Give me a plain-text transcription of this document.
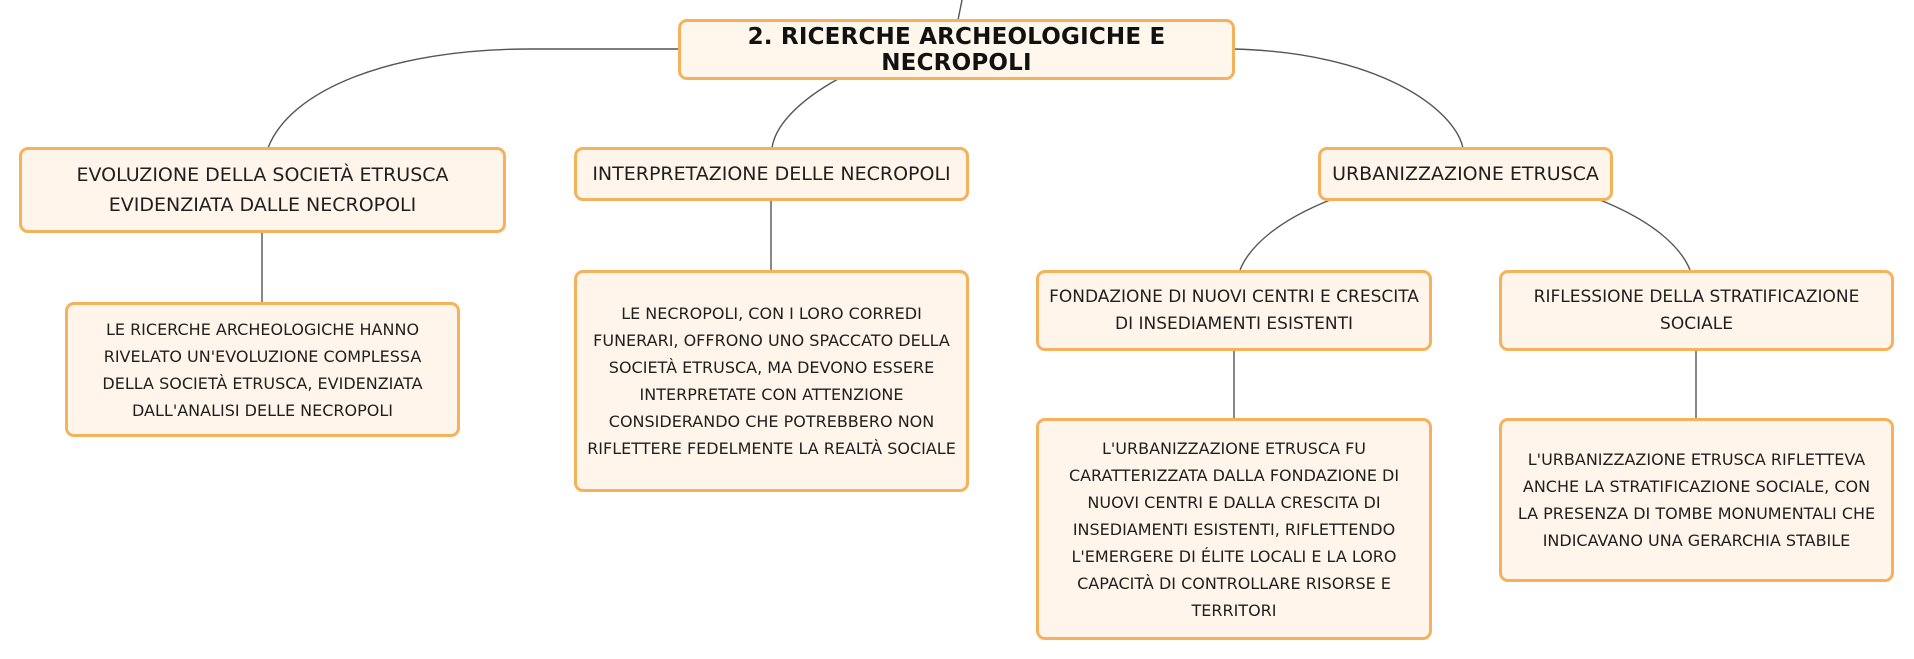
2. RICERCHE ARCHEOLOGICHE E NECROPOLI
EVOLUZIONE DELLA SOCIETÀ ETRUSCA
EVIDENZIATA DALLE NECROPOLI
LE RICERCHE ARCHEOLOGICHE HANNO
RIVELATO UN'EVOLUZIONE COMPLESSA
DELLA SOCIETÀ ETRUSCA, EVIDENZIATA
DALL'ANALISI DELLE NECROPOLI
INTERPRETAZIONE DELLE NECROPOLI
LE NECROPOLI, CON I LORO CORREDI
FUNERARI, OFFRONO UNO SPACCATO DELLA
SOCIETÀ ETRUSCA, MA DEVONO ESSERE
INTERPRETATE CON ATTENZIONE
CONSIDERANDO CHE POTREBBERO NON
RIFLETTERE FEDELMENTE LA REALTÀ SOCIALE
URBANIZZAZIONE ETRUSCA
FONDAZIONE DI NUOVI CENTRI E CRESCITA
DI INSEDIAMENTI ESISTENTI
L'URBANIZZAZIONE ETRUSCA FU
CARATTERIZZATA DALLA FONDAZIONE DI
NUOVI CENTRI E DALLA CRESCITA DI
INSEDIAMENTI ESISTENTI, RIFLETTENDO
L'EMERGERE DI ÉLITE LOCALI E LA LORO
CAPACITÀ DI CONTROLLARE RISORSE E
TERRITORI
RIFLESSIONE DELLA STRATIFICAZIONE
SOCIALE
L'URBANIZZAZIONE ETRUSCA RIFLETTEVA
ANCHE LA STRATIFICAZIONE SOCIALE, CON
LA PRESENZA DI TOMBE MONUMENTALI CHE
INDICAVANO UNA GERARCHIA STABILE
